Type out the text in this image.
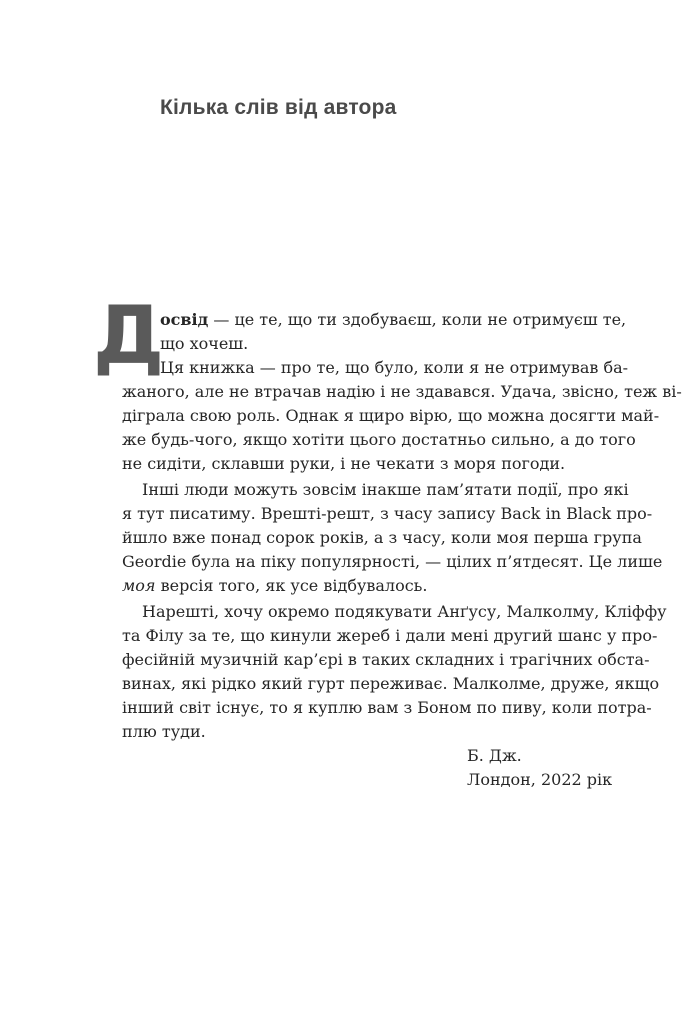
Кілька слів від автора
Д
освід — це те, що ти здобуваєш, коли не отримуєш те,
що хочеш.
Ця книжка — про те, що було, коли я не отримував ба-
жаного, але не втрачав надію і не здавався. Удача, звісно, теж ві-
діграла свою роль. Однак я щиро вірю, що можна досягти май-
же будь-чого, якщо хотіти цього достатньо сильно, а до того
не сидіти, склавши руки, і не чекати з моря погоди.
Інші люди можуть зовсім інакше пам’ятати події, про які
я тут писатиму. Врешті-решт, з часу запису Back in Black про-
йшло вже понад сорок років, а з часу, коли моя перша група
Geordie була на піку популярності, — цілих п’ятдесят. Це лише
моя версія того, як усе відбувалось.
Нарешті, хочу окремо подякувати Анґусу, Малколму, Кліффу
та Філу за те, що кинули жереб і дали мені другий шанс у про-
фесійній музичній кар’єрі в таких складних і трагічних обста-
винах, які рідко який гурт переживає. Малколме, друже, якщо
інший світ існує, то я куплю вам з Боном по пиву, коли потра-
плю туди.
Б. Дж.
Лондон, 2022 рік
